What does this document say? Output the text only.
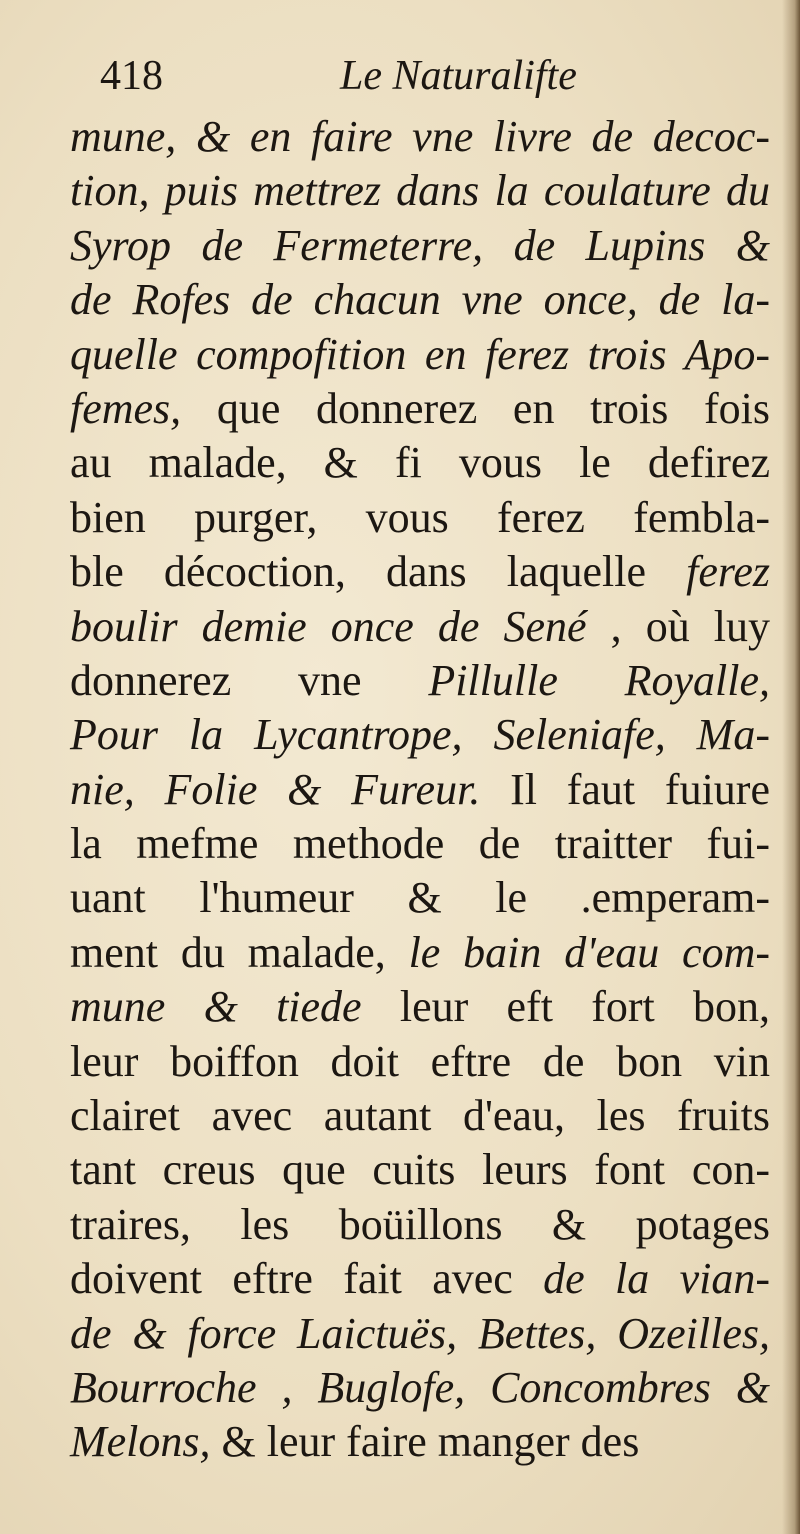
418	Le Naturalifte
mune, & en faire vne livre de decoc-
tion, puis mettrez dans la coulature du
Syrop de Fermeterre, de Lupins &
de Rofes de chacun vne once, de la-
quelle compofition en ferez trois Apo-
femes, que donnerez en trois fois
au malade, & fi vous le defirez
bien purger, vous ferez fembla-
ble décoction, dans laquelle ferez
boulir demie once de Sené , où luy
donnerez vne Pillulle Royalle,
Pour la Lycantrope, Seleniafe, Ma-
nie, Folie & Fureur. Il faut fuiure
la mefme methode de traitter fui-
uant l'humeur & le .emperam-
ment du malade, le bain d'eau com-
mune & tiede leur eft fort bon,
leur boiffon doit eftre de bon vin
clairet avec autant d'eau, les fruits
tant creus que cuits leurs font con-
traires, les boüillons & potages
doivent eftre fait avec de la vian-
de & force Laictuës, Bettes, Ozeilles,
Bourroche , Buglofe, Concombres &
Melons, & leur faire manger des
